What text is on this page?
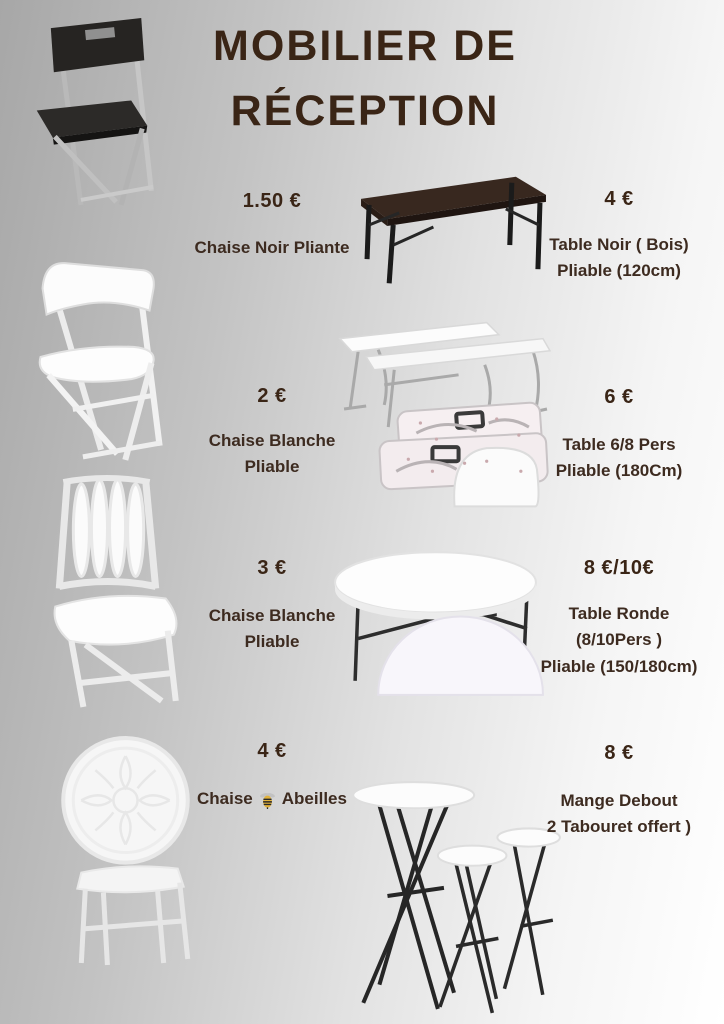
MOBILIER DE
RÉCEPTION
1.50 €
Chaise Noir Pliante
4 €
Table Noir ( Bois)
Pliable (120cm)
2 €
Chaise Blanche
Pliable
6 €
Table 6/8 Pers
Pliable (180Cm)
3 €
Chaise Blanche
Pliable
8 €/10€
Table Ronde
(8/10Pers )
Pliable (150/180cm)
4 €
Chaise Abeilles
8 €
Mange Debout
2 Tabouret offert )
